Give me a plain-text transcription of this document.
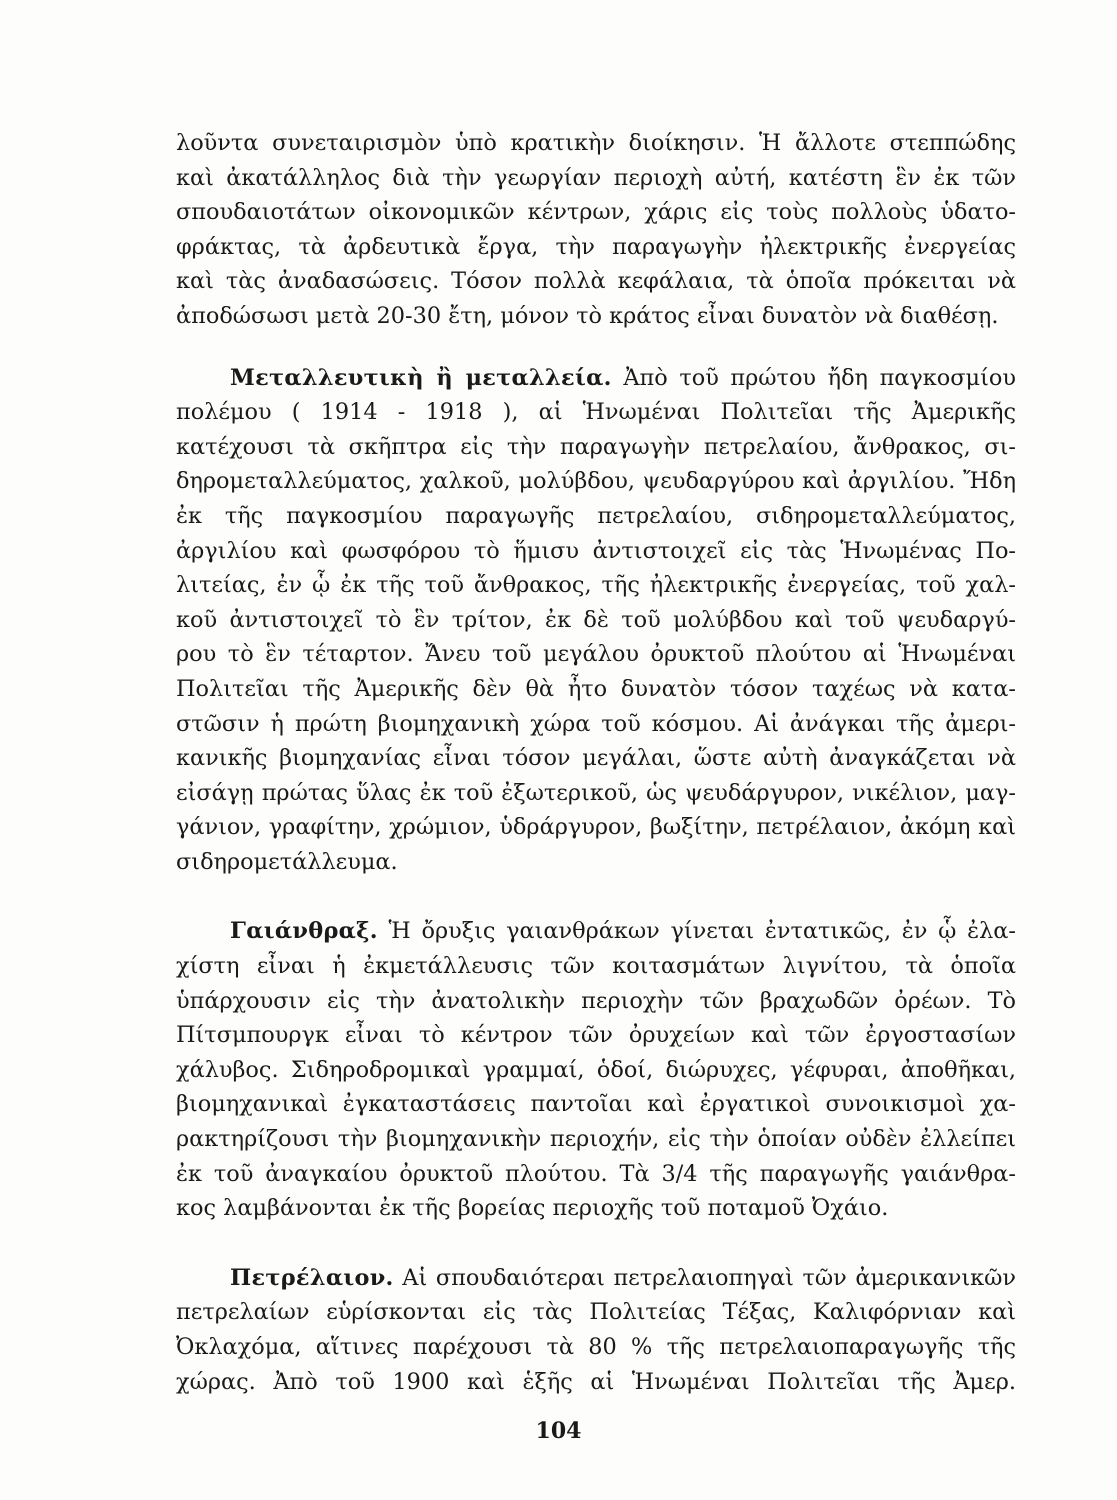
λοῦντα συνεταιρισμὸν ὑπὸ κρατικὴν διοίκησιν. Ἡ ἄλλοτε στεππώδης
καὶ ἀκατάλληλος διὰ τὴν γεωργίαν περιοχὴ αὐτή, κατέστη ἓν ἐκ τῶν
σπουδαιοτάτων οἰκονομικῶν κέντρων, χάρις εἰς τοὺς πολλοὺς ὑδατο-
φράκτας, τὰ ἀρδευτικὰ ἔργα, τὴν παραγωγὴν ἠλεκτρικῆς ἐνεργείας
καὶ τὰς ἀναδασώσεις. Τόσον πολλὰ κεφάλαια, τὰ ὁποῖα πρόκειται νὰ
ἀποδώσωσι μετὰ 20-30 ἔτη, μόνον τὸ κράτος εἶναι δυνατὸν νὰ διαθέσῃ.
Μεταλλευτικὴ ἢ μεταλλεία. Ἀπὸ τοῦ πρώτου ἤδη παγκοσμίου
πολέμου ( 1914 - 1918 ), αἱ Ἡνωμέναι Πολιτεῖαι τῆς Ἀμερικῆς
κατέχουσι τὰ σκῆπτρα εἰς τὴν παραγωγὴν πετρελαίου, ἄνθρακος, σι-
δηρομεταλλεύματος, χαλκοῦ, μολύβδου, ψευδαργύρου καὶ ἀργιλίου. Ἤδη
ἐκ τῆς παγκοσμίου παραγωγῆς πετρελαίου, σιδηρομεταλλεύματος,
ἀργιλίου καὶ φωσφόρου τὸ ἥμισυ ἀντιστοιχεῖ εἰς τὰς Ἡνωμένας Πο-
λιτείας, ἐν ᾧ ἐκ τῆς τοῦ ἄνθρακος, τῆς ἠλεκτρικῆς ἐνεργείας, τοῦ χαλ-
κοῦ ἀντιστοιχεῖ τὸ ἓν τρίτον, ἐκ δὲ τοῦ μολύβδου καὶ τοῦ ψευδαργύ-
ρου τὸ ἓν τέταρτον. Ἄνευ τοῦ μεγάλου ὀρυκτοῦ πλούτου αἱ Ἡνωμέναι
Πολιτεῖαι τῆς Ἀμερικῆς δὲν θὰ ἦτο δυνατὸν τόσον ταχέως νὰ κατα-
στῶσιν ἡ πρώτη βιομηχανικὴ χώρα τοῦ κόσμου. Αἱ ἀνάγκαι τῆς ἀμερι-
κανικῆς βιομηχανίας εἶναι τόσον μεγάλαι, ὥστε αὐτὴ ἀναγκάζεται νὰ
εἰσάγῃ πρώτας ὕλας ἐκ τοῦ ἐξωτερικοῦ, ὡς ψευδάργυρον, νικέλιον, μαγ-
γάνιον, γραφίτην, χρώμιον, ὑδράργυρον, βωξίτην, πετρέλαιον, ἀκόμη καὶ
σιδηρομετάλλευμα.
Γαιάνθραξ. Ἡ ὄρυξις γαιανθράκων γίνεται ἐντατικῶς, ἐν ᾧ ἐλα-
χίστη εἶναι ἡ ἐκμετάλλευσις τῶν κοιτασμάτων λιγνίτου, τὰ ὁποῖα
ὑπάρχουσιν εἰς τὴν ἀνατολικὴν περιοχὴν τῶν βραχωδῶν ὀρέων. Τὸ
Πίτσμπουργκ εἶναι τὸ κέντρον τῶν ὀρυχείων καὶ τῶν ἐργοστασίων
χάλυβος. Σιδηροδρομικαὶ γραμμαί, ὁδοί, διώρυχες, γέφυραι, ἀποθῆκαι,
βιομηχανικαὶ ἐγκαταστάσεις παντοῖαι καὶ ἐργατικοὶ συνοικισμοὶ χα-
ρακτηρίζουσι τὴν βιομηχανικὴν περιοχήν, εἰς τὴν ὁποίαν οὐδὲν ἐλλείπει
ἐκ τοῦ ἀναγκαίου ὀρυκτοῦ πλούτου. Τὰ 3/4 τῆς παραγωγῆς γαιάνθρα-
κος λαμβάνονται ἐκ τῆς βορείας περιοχῆς τοῦ ποταμοῦ Ὀχάιο.
Πετρέλαιον. Αἱ σπουδαιότεραι πετρελαιοπηγαὶ τῶν ἀμερικανικῶν
πετρελαίων εὑρίσκονται εἰς τὰς Πολιτείας Τέξας, Καλιφόρνιαν καὶ
Ὀκλαχόμα, αἵτινες παρέχουσι τὰ 80 % τῆς πετρελαιοπαραγωγῆς τῆς
χώρας. Ἀπὸ τοῦ 1900 καὶ ἑξῆς αἱ Ἡνωμέναι Πολιτεῖαι τῆς Ἀμερ.
104
